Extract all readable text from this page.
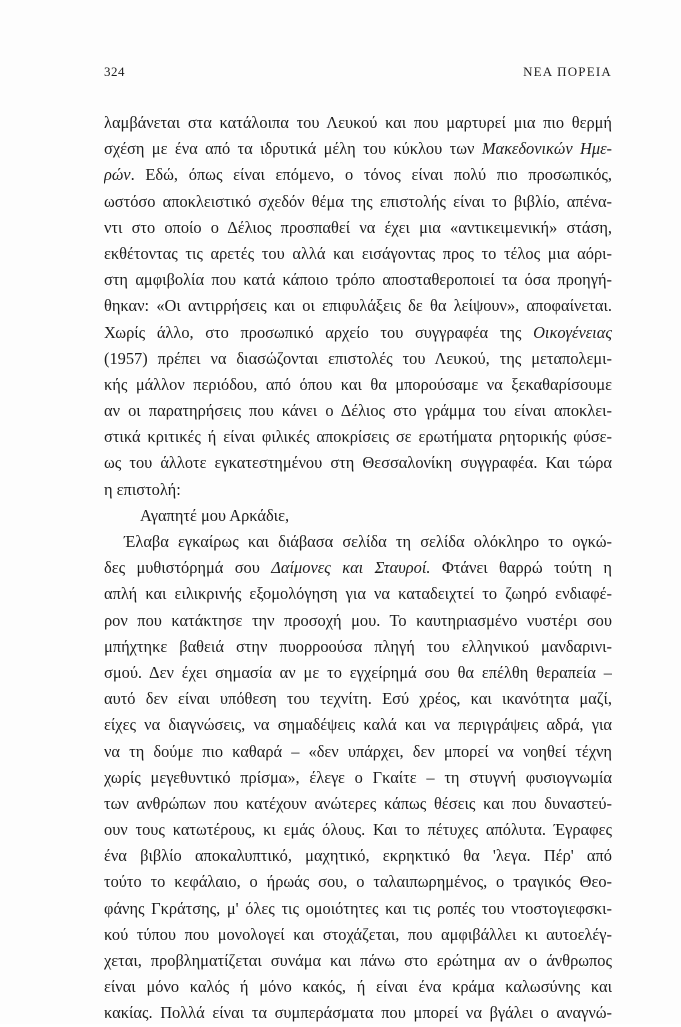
324	ΝΕΑ ΠΟΡΕΙΑ
λαμβάνεται στα κατάλοιπα του Λευκού και που μαρτυρεί μια πιο θερμή
σχέση με ένα από τα ιδρυτικά μέλη του κύκλου των Μακεδονικών Ημε-
ρών. Εδώ, όπως είναι επόμενο, ο τόνος είναι πολύ πιο προσωπικός,
ωστόσο αποκλειστικό σχεδόν θέμα της επιστολής είναι το βιβλίο, απένα-
ντι στο οποίο ο Δέλιος προσπαθεί να έχει μια «αντικειμενική» στάση,
εκθέτοντας τις αρετές του αλλά και εισάγοντας προς το τέλος μια αόρι-
στη αμφιβολία που κατά κάποιο τρόπο αποσταθεροποιεί τα όσα προηγή-
θηκαν: «Οι αντιρρήσεις και οι επιφυλάξεις δε θα λείψουν», αποφαίνεται.
Χωρίς άλλο, στο προσωπικό αρχείο του συγγραφέα της Οικογένειας
(1957) πρέπει να διασώζονται επιστολές του Λευκού, της μεταπολεμι-
κής μάλλον περιόδου, από όπου και θα μπορούσαμε να ξεκαθαρίσουμε
αν οι παρατηρήσεις που κάνει ο Δέλιος στο γράμμα του είναι αποκλει-
στικά κριτικές ή είναι φιλικές αποκρίσεις σε ερωτήματα ρητορικής φύσε-
ως του άλλοτε εγκατεστημένου στη Θεσσαλονίκη συγγραφέα. Και τώρα
η επιστολή:
Αγαπητέ μου Αρκάδιε,
Έλαβα εγκαίρως και διάβασα σελίδα τη σελίδα ολόκληρο το ογκώ-
δες μυθιστόρημά σου Δαίμονες και Σταυροί. Φτάνει θαρρώ τούτη η
απλή και ειλικρινής εξομολόγηση για να καταδειχτεί το ζωηρό ενδιαφέ-
ρον που κατάκτησε την προσοχή μου. Το καυτηριασμένο νυστέρι σου
μπήχτηκε βαθειά στην πυορροούσα πληγή του ελληνικού μανδαρινι-
σμού. Δεν έχει σημασία αν με το εγχείρημά σου θα επέλθη θεραπεία –
αυτό δεν είναι υπόθεση του τεχνίτη. Εσύ χρέος, και ικανότητα μαζί,
είχες να διαγνώσεις, να σημαδέψεις καλά και να περιγράψεις αδρά, για
να τη δούμε πιο καθαρά – «δεν υπάρχει, δεν μπορεί να νοηθεί τέχνη
χωρίς μεγεθυντικό πρίσμα», έλεγε ο Γκαίτε – τη στυγνή φυσιογνωμία
των ανθρώπων που κατέχουν ανώτερες κάπως θέσεις και που δυναστεύ-
ουν τους κατωτέρους, κι εμάς όλους. Και το πέτυχες απόλυτα. Έγραφες
ένα βιβλίο αποκαλυπτικό, μαχητικό, εκρηκτικό θα 'λεγα. Πέρ' από
τούτο το κεφάλαιο, ο ήρωάς σου, ο ταλαιπωρημένος, ο τραγικός Θεο-
φάνης Γκράτσης, μ' όλες τις ομοιότητες και τις ροπές του ντοστογιεφσκι-
κού τύπου που μονολογεί και στοχάζεται, που αμφιβάλλει κι αυτοελέγ-
χεται, προβληματίζεται συνάμα και πάνω στο ερώτημα αν ο άνθρωπος
είναι μόνο καλός ή μόνο κακός, ή είναι ένα κράμα καλωσύνης και
κακίας. Πολλά είναι τα συμπεράσματα που μπορεί να βγάλει ο αναγνώ-
